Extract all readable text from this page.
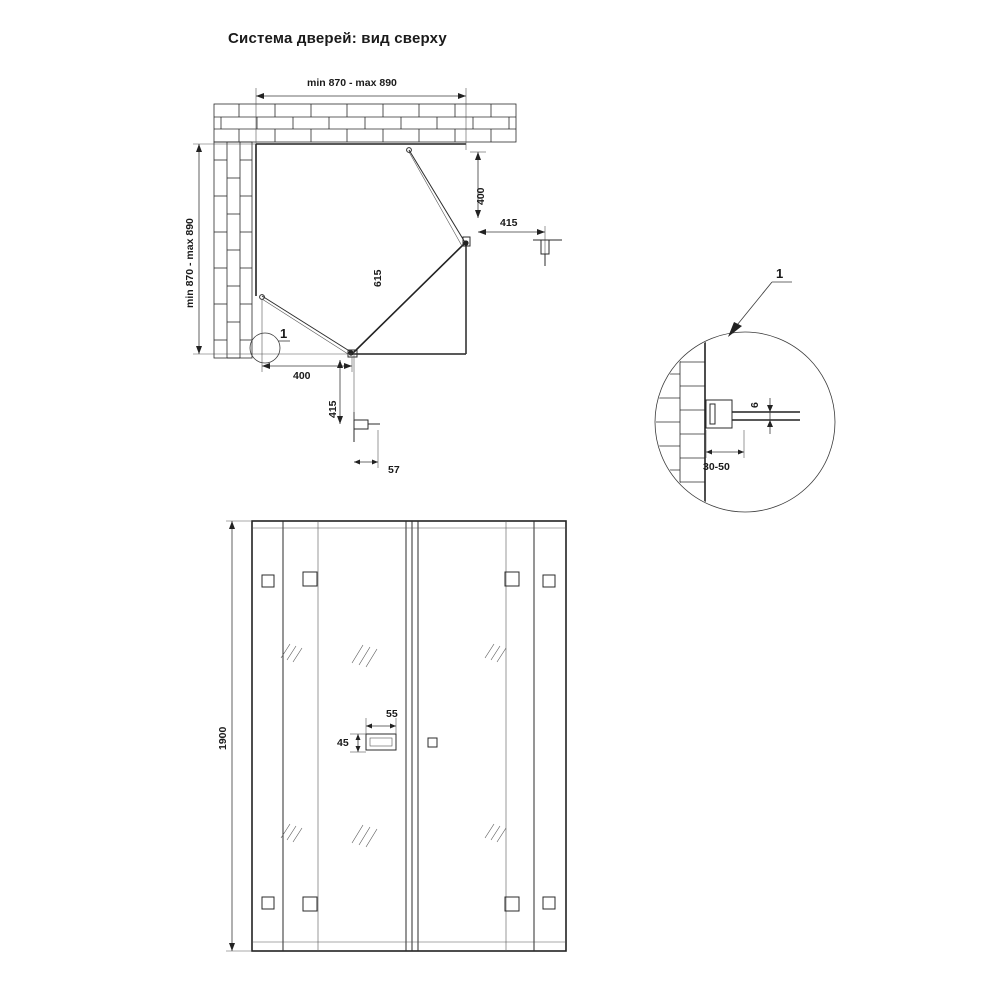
Система дверей: вид сверху
min 870 - max 890
min 870 - max 890
400
415
615
400
415
57
1
6
30-50
1
55
45
1900
